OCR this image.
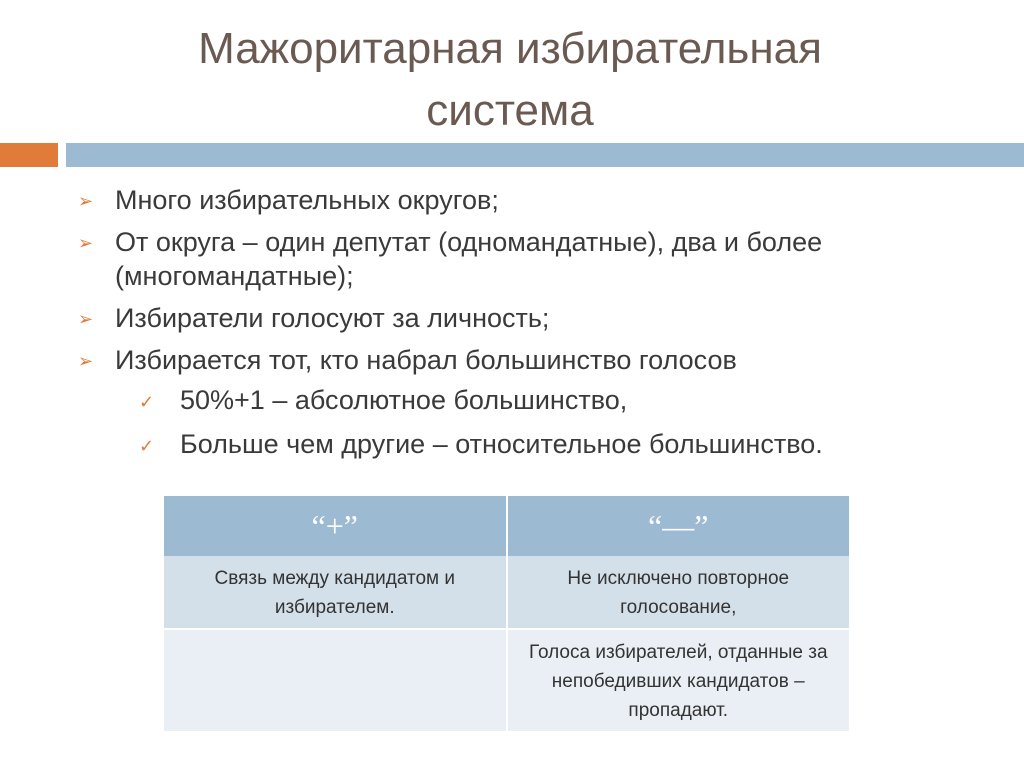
Мажоритарная избирательная
система
➢ Много избирательных округов;
➢ От округа – один депутат (одномандатные), два и более (многомандатные);
➢ Избиратели голосуют за личность;
➢ Избирается тот, кто набрал большинство голосов
✓ 50%+1 – абсолютное большинство,
✓ Больше чем другие – относительное большинство.
“+”	“—”
Связь между кандидатом и избирателем.	Не исключено повторное голосование,
	Голоса избирателей, отданные за непобедивших кандидатов – пропадают.
